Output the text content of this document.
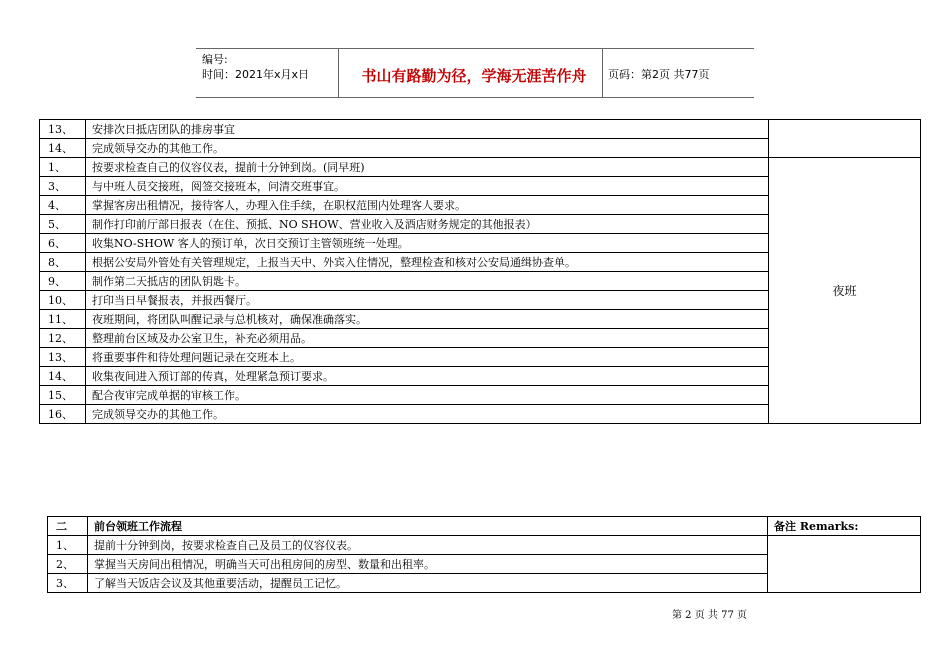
编号:
时间：2021年x月x日	书山有路勤为径，学海无涯苦作舟	页码：第2页 共77页
13、	安排次日抵店团队的排房事宜	
14、	完成领导交办的其他工作。	
1、	按要求检查自己的仪容仪表，提前十分钟到岗。(同早班)	夜班
3、	与中班人员交接班，阅签交接班本，问清交班事宜。	
4、	掌握客房出租情况，接待客人，办理入住手续，在职权范围内处理客人要求。	
5、	制作打印前厅部日报表（在住、预抵、NO SHOW、营业收入及酒店财务规定的其他报表）	
6、	收集NO-SHOW 客人的预订单，次日交预订主管领班统一处理。	
8、	根据公安局外管处有关管理规定，上报当天中、外宾入住情况，整理检查和核对公安局通缉协查单。	
9、	制作第二天抵店的团队钥匙卡。	
10、	打印当日早餐报表，并报西餐厅。	
11、	夜班期间，将团队叫醒记录与总机核对，确保准确落实。	
12、	整理前台区域及办公室卫生，补充必须用品。	
13、	将重要事件和待处理问题记录在交班本上。	
14、	收集夜间进入预订部的传真，处理紧急预订要求。	
15、	配合夜审完成单据的审核工作。	
16、	完成领导交办的其他工作。	
二	前台领班工作流程	备注 Remarks:
1、	提前十分钟到岗，按要求检查自己及员工的仪容仪表。	
2、	掌握当天房间出租情况，明确当天可出租房间的房型、数量和出租率。	
3、	了解当天饭店会议及其他重要活动，提醒员工记忆。	
第 2 页 共 77 页
